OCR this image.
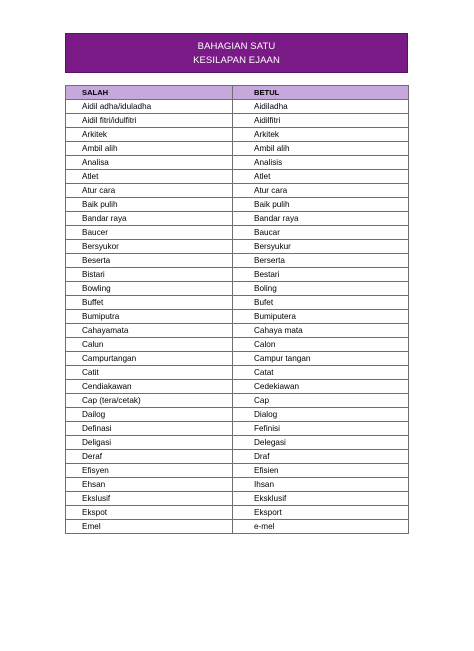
BAHAGIAN SATU
KESILAPAN EJAAN
SALAH	BETUL
Aidil adha/iduladha	Aidiladha
Aidil fitri/idulfitri	Aidilfitri
Arkitek	Arkitek
Ambil alih	Ambil alih
Analisa	Analisis
Atlet	Atlet
Atur cara	Atur cara
Baik pulih	Baik pulih
Bandar raya	Bandar raya
Baucer	Baucar
Bersyukor	Bersyukur
Beserta	Berserta
Bistari	Bestari
Bowling	Boling
Buffet	Bufet
Bumiputra	Bumiputera
Cahayamata	Cahaya mata
Calun	Calon
Campurtangan	Campur tangan
Catit	Catat
Cendiakawan	Cedekiawan
Cap (tera/cetak)	Cap
Dailog	Dialog
Definasi	Fefinisi
Deligasi	Delegasi
Deraf	Draf
Efisyen	Efisien
Ehsan	Ihsan
Ekslusif	Eksklusif
Ekspot	Eksport
Emel	e-mel
